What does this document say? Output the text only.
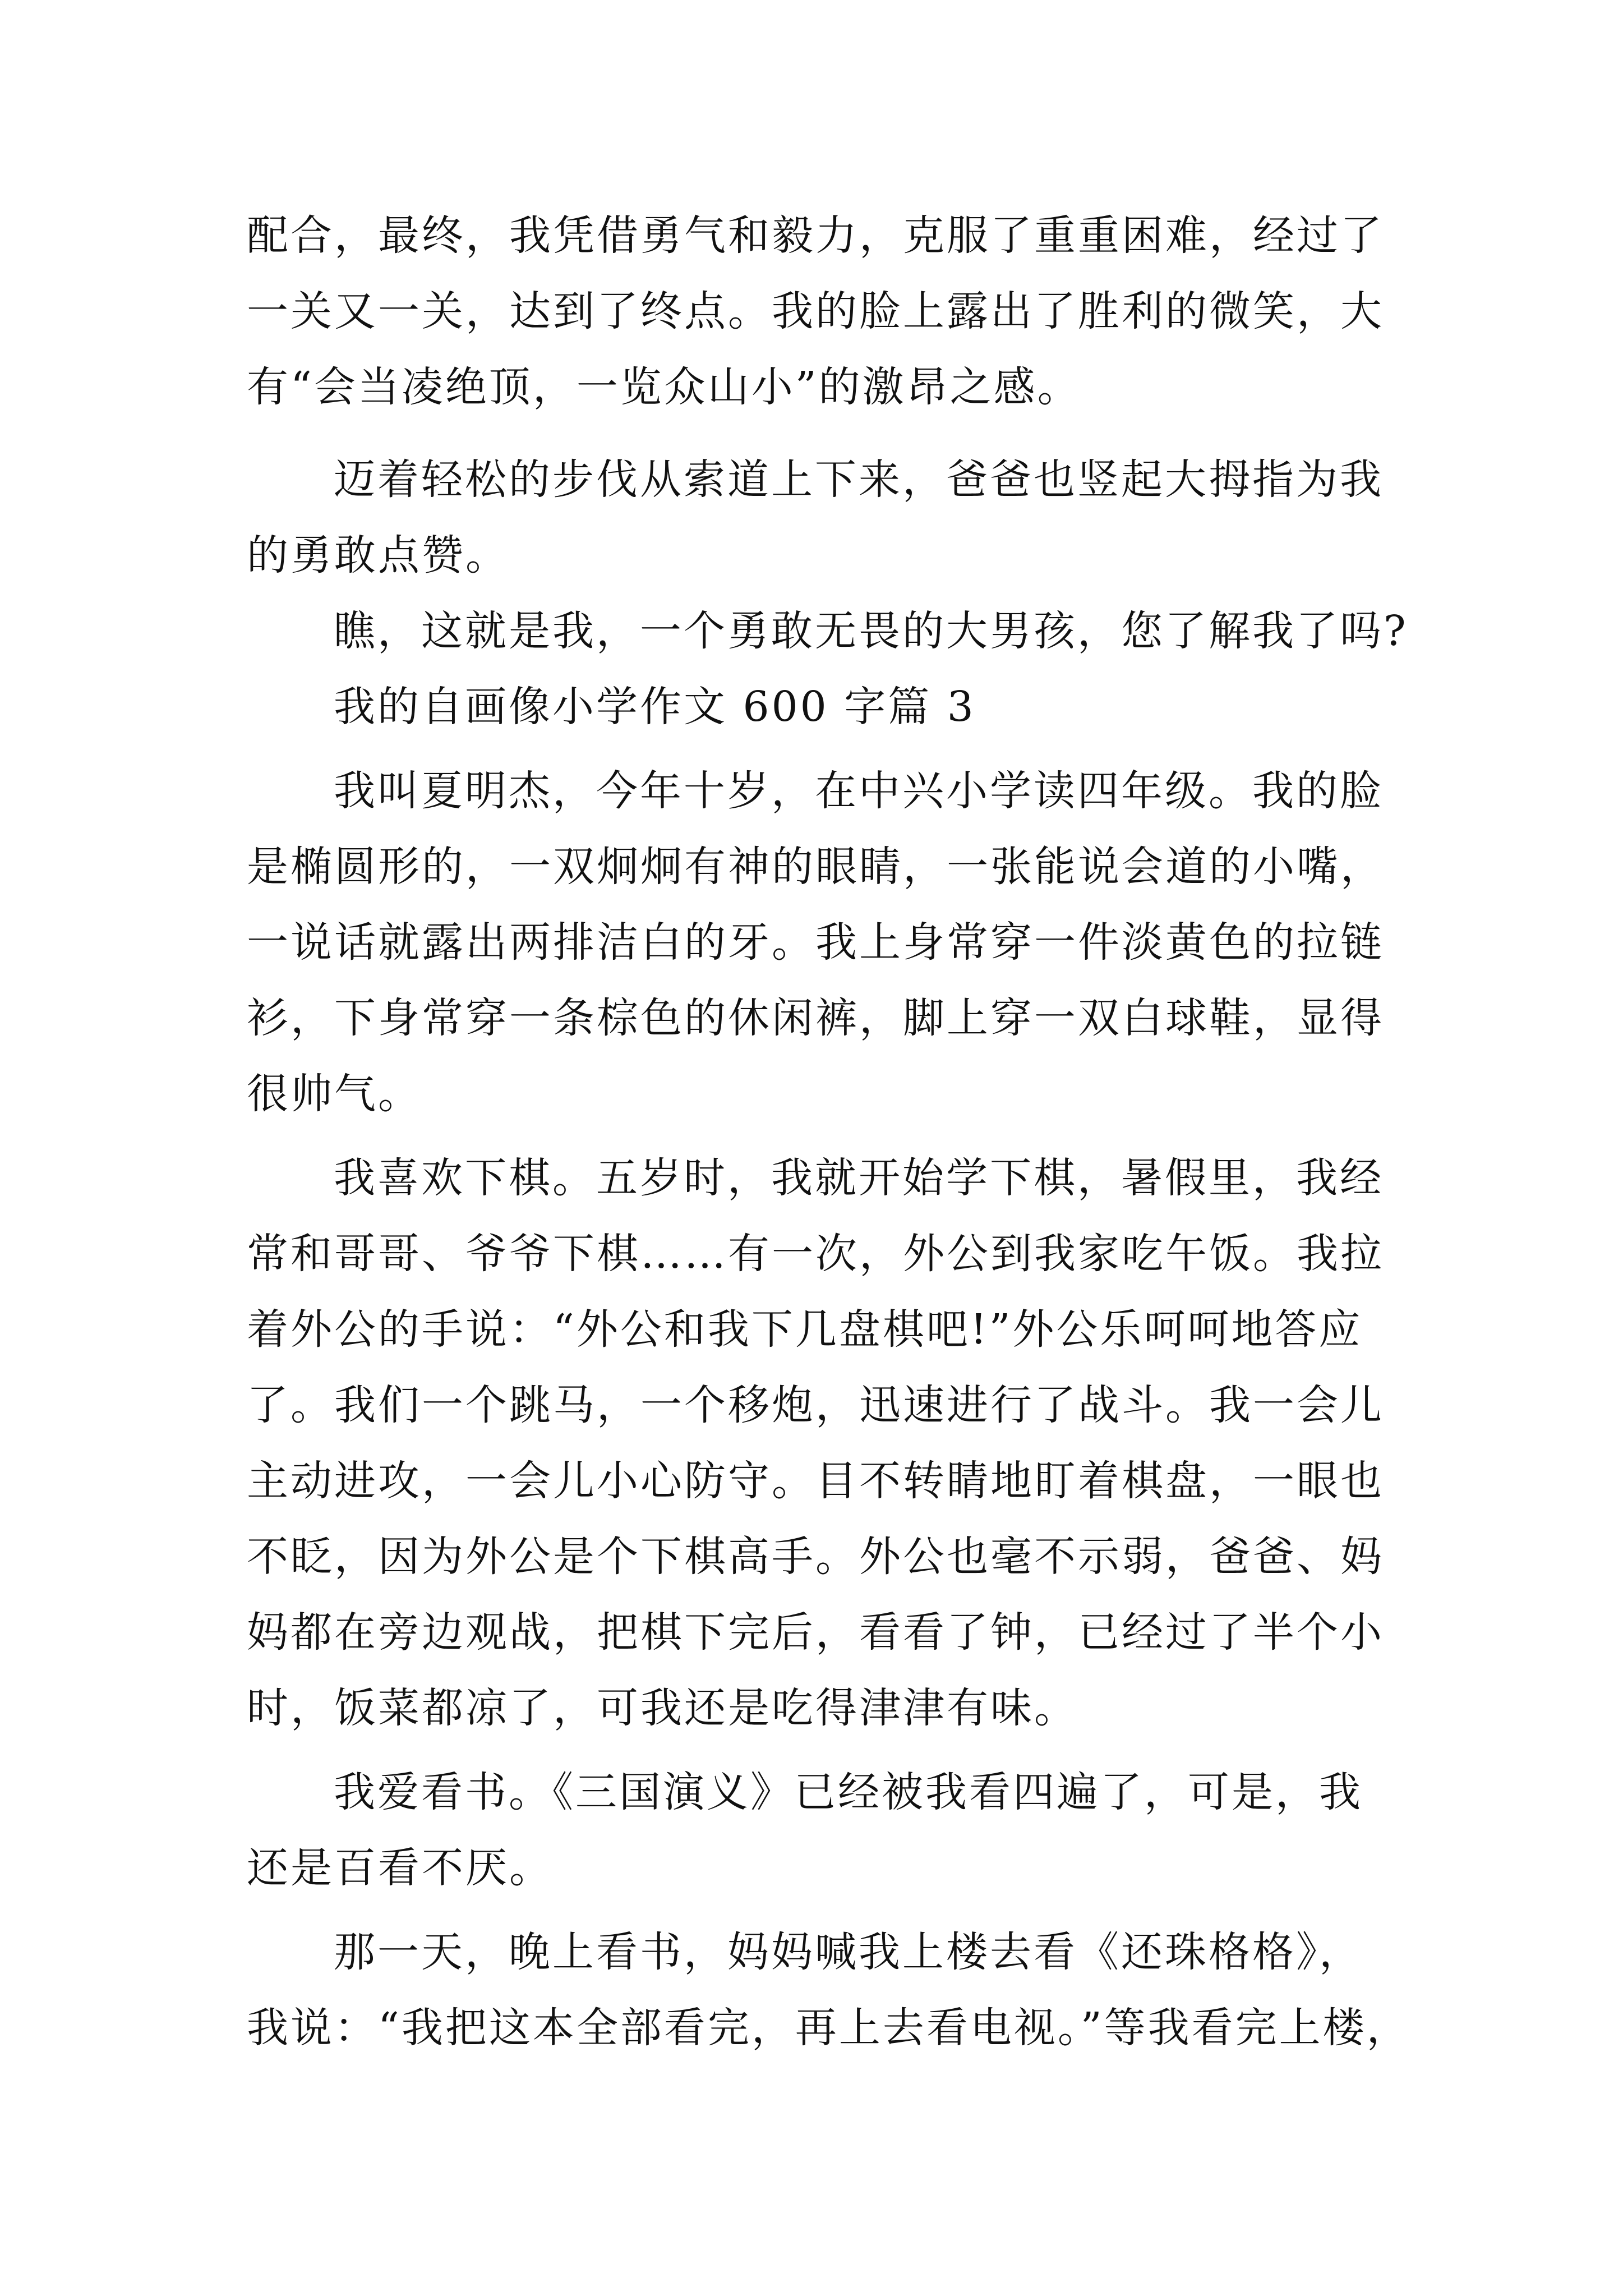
配合，最终，我凭借勇气和毅力，克服了重重困难，经过了
一关又一关，达到了终点。我的脸上露出了胜利的微笑，大
有“会当凌绝顶，一览众山小”的激昂之感。
迈着轻松的步伐从索道上下来，爸爸也竖起大拇指为我
的勇敢点赞。
瞧，这就是我，一个勇敢无畏的大男孩，您了解我了吗?
我的自画像小学作文 600 字篇 3
我叫夏明杰，今年十岁，在中兴小学读四年级。我的脸
是椭圆形的，一双炯炯有神的眼睛，一张能说会道的小嘴，
一说话就露出两排洁白的牙。我上身常穿一件淡黄色的拉链
衫，下身常穿一条棕色的休闲裤，脚上穿一双白球鞋，显得
很帅气。
我喜欢下棋。五岁时，我就开始学下棋，暑假里，我经
常和哥哥、爷爷下棋……有一次，外公到我家吃午饭。我拉
着外公的手说：“外公和我下几盘棋吧!”外公乐呵呵地答应
了。我们一个跳马，一个移炮，迅速进行了战斗。我一会儿
主动进攻，一会儿小心防守。目不转睛地盯着棋盘，一眼也
不眨，因为外公是个下棋高手。外公也毫不示弱，爸爸、妈
妈都在旁边观战，把棋下完后，看看了钟，已经过了半个小
时，饭菜都凉了，可我还是吃得津津有味。
我爱看书。《三国演义》已经被我看四遍了，可是，我
还是百看不厌。
那一天，晚上看书，妈妈喊我上楼去看《还珠格格》，
我说：“我把这本全部看完，再上去看电视。”等我看完上楼，
